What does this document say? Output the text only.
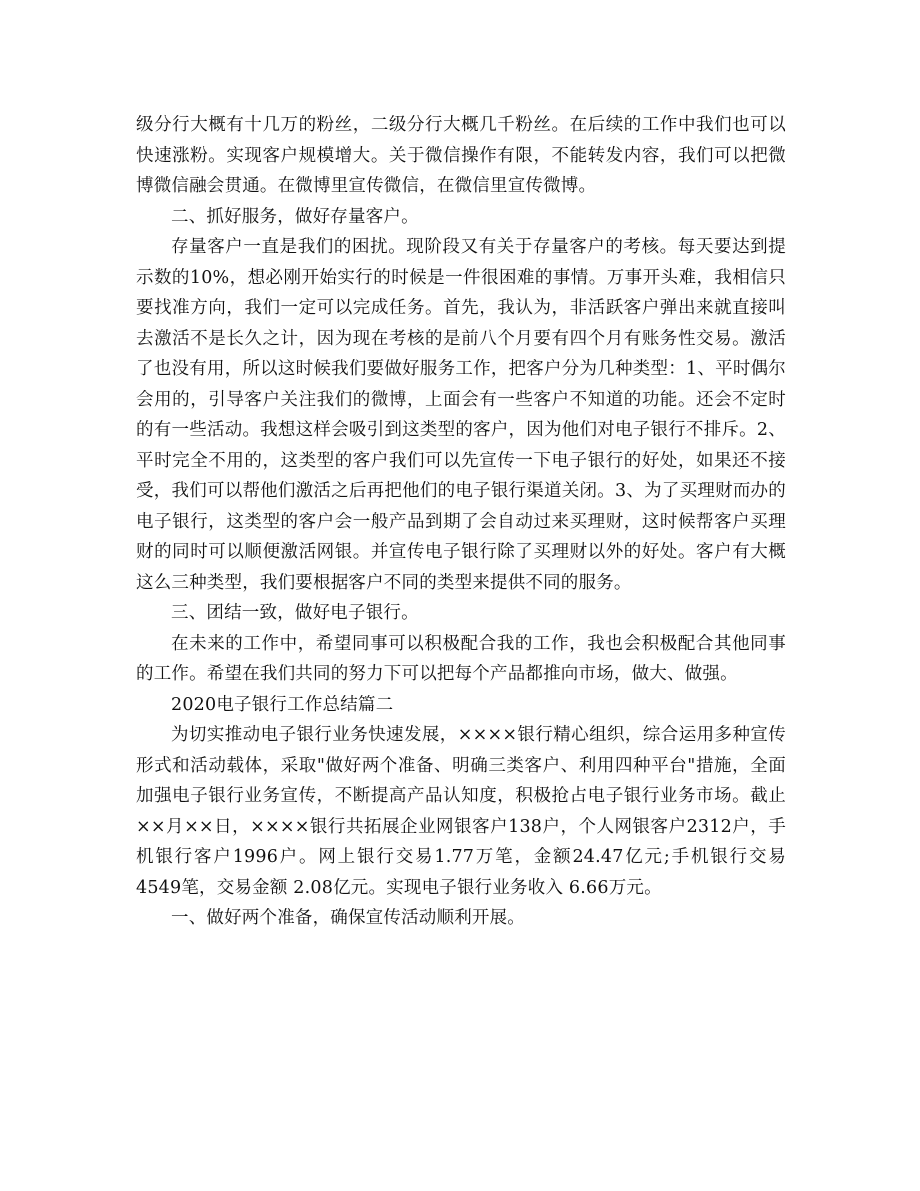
级分行大概有十几万的粉丝，二级分行大概几千粉丝。在后续的工作中我们也可以快速涨粉。实现客户规模增大。关于微信操作有限，不能转发内容，我们可以把微博微信融会贯通。在微博里宣传微信，在微信里宣传微博。

二、抓好服务，做好存量客户。

存量客户一直是我们的困扰。现阶段又有关于存量客户的考核。每天要达到提示数的10%，想必刚开始实行的时候是一件很困难的事情。万事开头难，我相信只要找准方向，我们一定可以完成任务。首先，我认为，非活跃客户弹出来就直接叫去激活不是长久之计，因为现在考核的是前八个月要有四个月有账务性交易。激活了也没有用，所以这时候我们要做好服务工作，把客户分为几种类型：1、平时偶尔会用的，引导客户关注我们的微博，上面会有一些客户不知道的功能。还会不定时的有一些活动。我想这样会吸引到这类型的客户，因为他们对电子银行不排斥。2、平时完全不用的，这类型的客户我们可以先宣传一下电子银行的好处，如果还不接受，我们可以帮他们激活之后再把他们的电子银行渠道关闭。3、为了买理财而办的电子银行，这类型的客户会一般产品到期了会自动过来买理财，这时候帮客户买理财的同时可以顺便激活网银。并宣传电子银行除了买理财以外的好处。客户有大概这么三种类型，我们要根据客户不同的类型来提供不同的服务。

三、团结一致，做好电子银行。

在未来的工作中，希望同事可以积极配合我的工作，我也会积极配合其他同事的工作。希望在我们共同的努力下可以把每个产品都推向市场，做大、做强。

2020电子银行工作总结篇二

为切实推动电子银行业务快速发展，××××银行精心组织，综合运用多种宣传形式和活动载体，采取"做好两个准备、明确三类客户、利用四种平台"措施，全面加强电子银行业务宣传，不断提高产品认知度，积极抢占电子银行业务市场。截止××月××日，××××银行共拓展企业网银客户138户，个人网银客户2312户，手机银行客户1996户。网上银行交易1.77万笔，金额24.47亿元;手机银行交易 4549笔，交易金额 2.08亿元。实现电子银行业务收入 6.66万元。

一、做好两个准备，确保宣传活动顺利开展。
